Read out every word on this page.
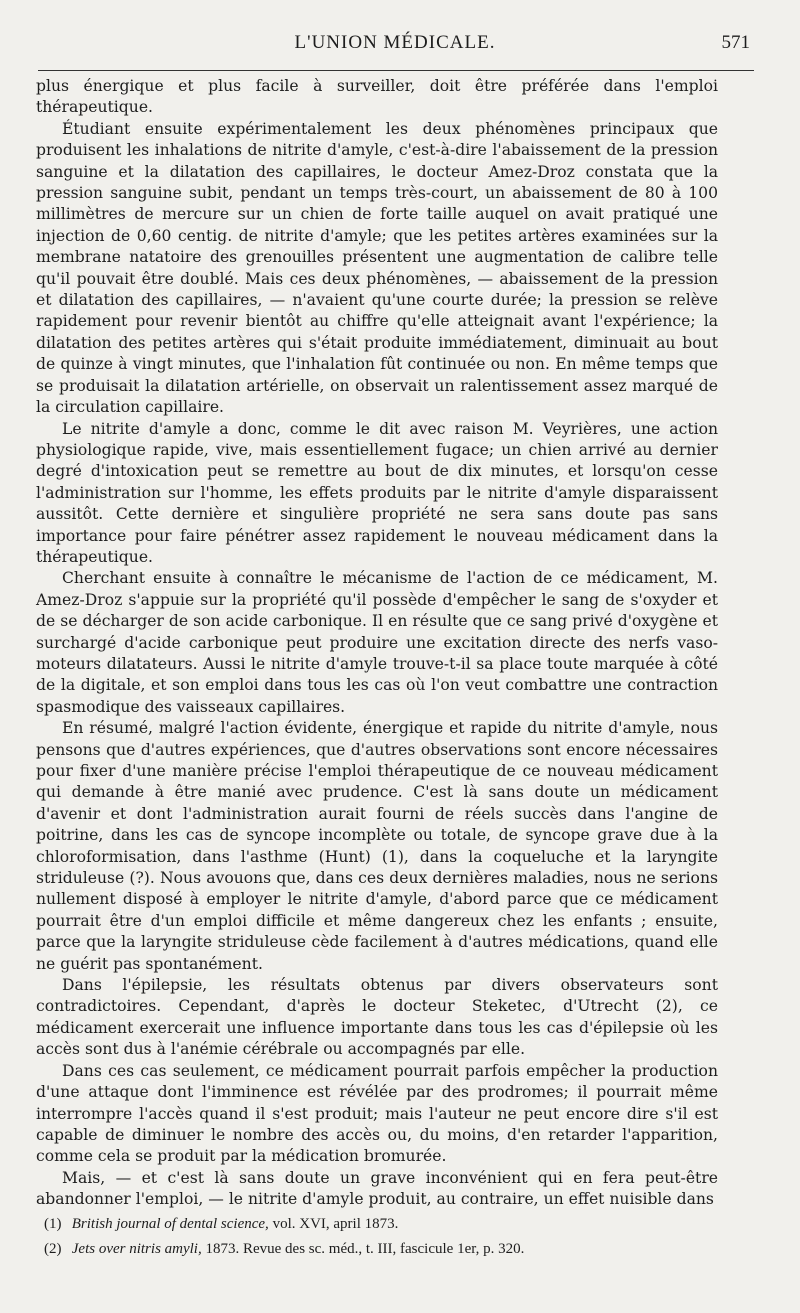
L'UNION MÉDICALE.	571

plus énergique et plus facile à surveiller, doit être préférée dans l'emploi thérapeutique.

Étudiant ensuite expérimentalement les deux phénomènes principaux que produisent les inhalations de nitrite d'amyle, c'est-à-dire l'abaissement de la pression sanguine et la dilatation des capillaires, le docteur Amez-Droz constata que la pression sanguine subit, pendant un temps très-court, un abaissement de 80 à 100 millimètres de mercure sur un chien de forte taille auquel on avait pratiqué une injection de 0,60 centig. de nitrite d'amyle; que les petites artères examinées sur la membrane natatoire des grenouilles présentent une augmentation de calibre telle qu'il pouvait être doublé. Mais ces deux phénomènes, — abaissement de la pression et dilatation des capillaires, — n'avaient qu'une courte durée; la pression se relève rapidement pour revenir bientôt au chiffre qu'elle atteignait avant l'expérience; la dilatation des petites artères qui s'était produite immédiatement, diminuait au bout de quinze à vingt minutes, que l'inhalation fût continuée ou non. En même temps que se produisait la dilatation artérielle, on observait un ralentissement assez marqué de la circulation capillaire.

Le nitrite d'amyle a donc, comme le dit avec raison M. Veyrières, une action physiologique rapide, vive, mais essentiellement fugace; un chien arrivé au dernier degré d'intoxication peut se remettre au bout de dix minutes, et lorsqu'on cesse l'administration sur l'homme, les effets produits par le nitrite d'amyle disparaissent aussitôt. Cette dernière et singulière propriété ne sera sans doute pas sans importance pour faire pénétrer assez rapidement le nouveau médicament dans la thérapeutique.

Cherchant ensuite à connaître le mécanisme de l'action de ce médicament, M. Amez-Droz s'appuie sur la propriété qu'il possède d'empêcher le sang de s'oxyder et de se décharger de son acide carbonique. Il en résulte que ce sang privé d'oxygène et surchargé d'acide carbonique peut produire une excitation directe des nerfs vaso-moteurs dilatateurs. Aussi le nitrite d'amyle trouve-t-il sa place toute marquée à côté de la digitale, et son emploi dans tous les cas où l'on veut combattre une contraction spasmodique des vaisseaux capillaires.

En résumé, malgré l'action évidente, énergique et rapide du nitrite d'amyle, nous pensons que d'autres expériences, que d'autres observations sont encore nécessaires pour fixer d'une manière précise l'emploi thérapeutique de ce nouveau médicament qui demande à être manié avec prudence. C'est là sans doute un médicament d'avenir et dont l'administration aurait fourni de réels succès dans l'angine de poitrine, dans les cas de syncope incomplète ou totale, de syncope grave due à la chloroformisation, dans l'asthme (Hunt) (1), dans la coqueluche et la laryngite striduleuse (?). Nous avouons que, dans ces deux dernières maladies, nous ne serions nullement disposé à employer le nitrite d'amyle, d'abord parce que ce médicament pourrait être d'un emploi difficile et même dangereux chez les enfants ; ensuite, parce que la laryngite striduleuse cède facilement à d'autres médications, quand elle ne guérit pas spontanément.

Dans l'épilepsie, les résultats obtenus par divers observateurs sont contradictoires. Cependant, d'après le docteur Steketec, d'Utrecht (2), ce médicament exercerait une influence importante dans tous les cas d'épilepsie où les accès sont dus à l'anémie cérébrale ou accompagnés par elle.

Dans ces cas seulement, ce médicament pourrait parfois empêcher la production d'une attaque dont l'imminence est révélée par des prodromes; il pourrait même interrompre l'accès quand il s'est produit; mais l'auteur ne peut encore dire s'il est capable de diminuer le nombre des accès ou, du moins, d'en retarder l'apparition, comme cela se produit par la médication bromurée.

Mais, — et c'est là sans doute un grave inconvénient qui en fera peut-être abandonner l'emploi, — le nitrite d'amyle produit, au contraire, un effet nuisible dans

(1) British journal of dental science, vol. XVI, april 1873.

(2) Jets over nitris amyli, 1873. Revue des sc. méd., t. III, fascicule 1er, p. 320.
